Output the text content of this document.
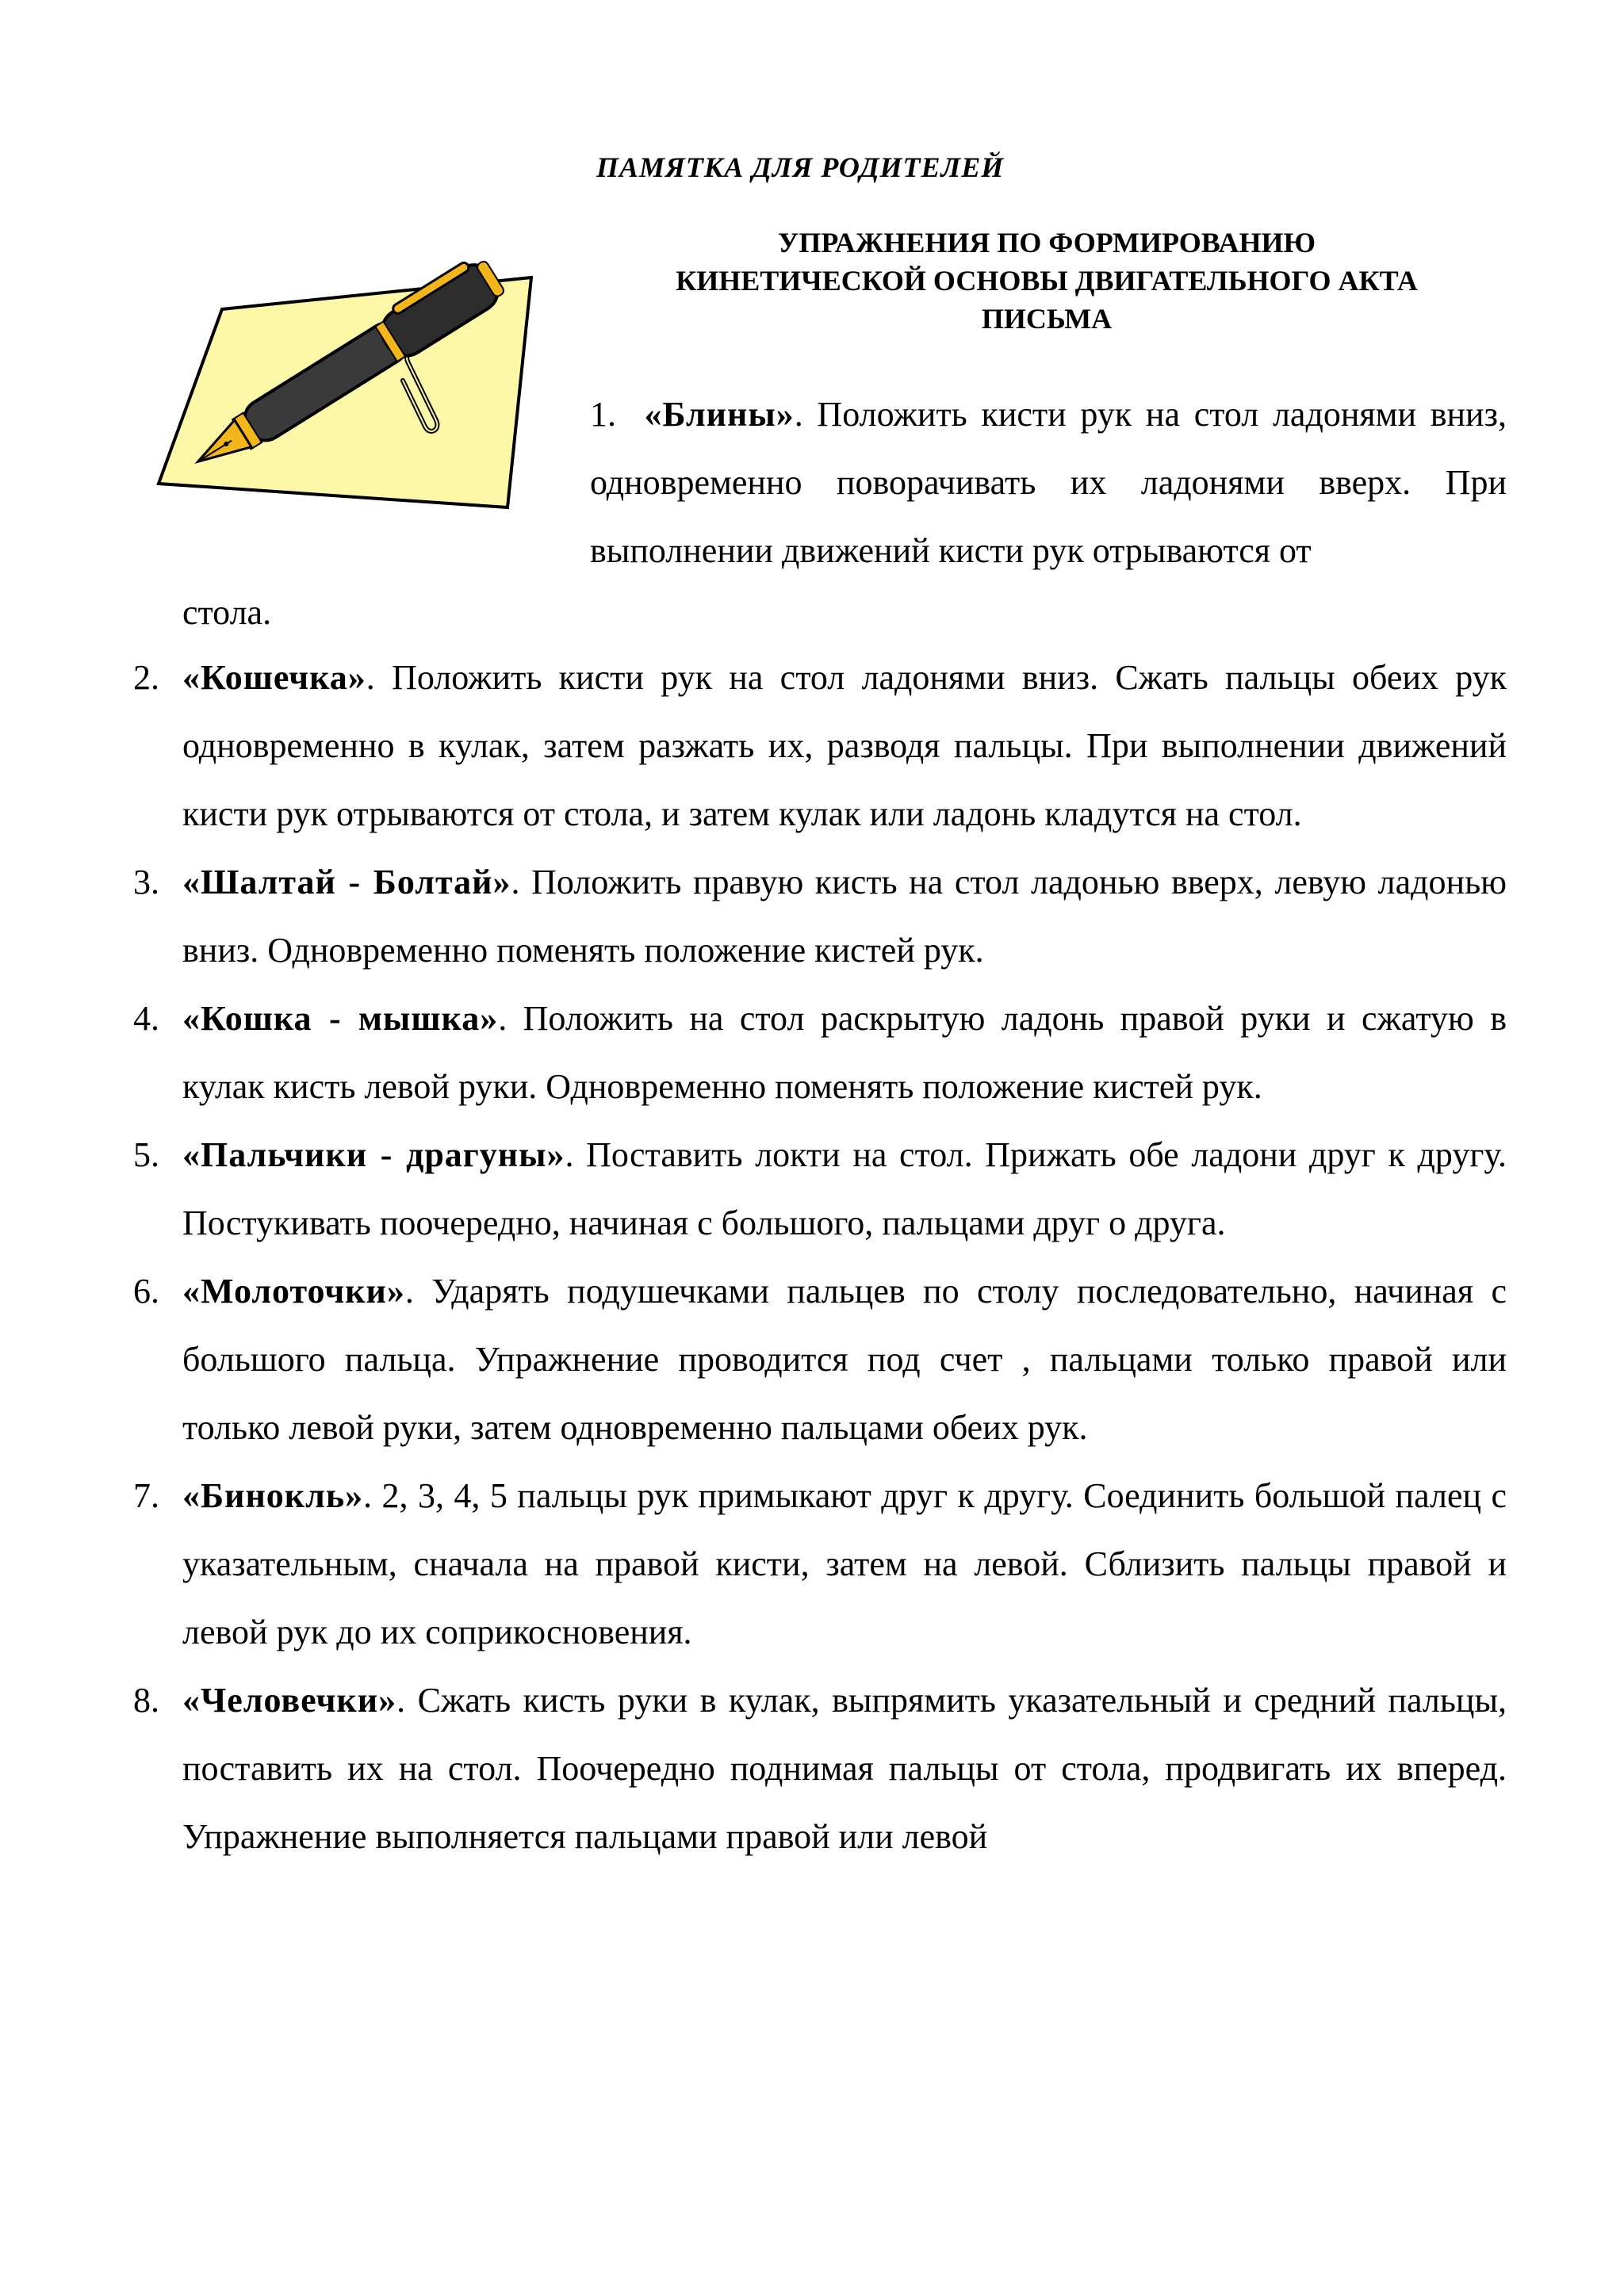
ПАМЯТКА ДЛЯ РОДИТЕЛЕЙ
УПРАЖНЕНИЯ ПО ФОРМИРОВАНИЮ
КИНЕТИЧЕСКОЙ ОСНОВЫ ДВИГАТЕЛЬНОГО АКТА
ПИСЬМА
1. «Блины». Положить кисти рук на стол ладонями вниз, одновременно поворачивать их ладонями вверх. При выполнении движений кисти рук отрываются от
стола.
2. «Кошечка». Положить кисти рук на стол ладонями вниз. Сжать пальцы обеих рук одновременно в кулак, затем разжать их, разводя пальцы. При выполнении движений кисти рук отрываются от стола, и затем кулак или ладонь кладутся на стол.
3. «Шалтай - Болтай». Положить правую кисть на стол ладонью вверх, левую ладонью вниз. Одновременно поменять положение кистей рук.
4. «Кошка - мышка». Положить на стол раскрытую ладонь правой руки и сжатую в кулак кисть левой руки. Одновременно поменять положение кистей рук.
5. «Пальчики - драгуны». Поставить локти на стол. Прижать обе ладони друг к другу. Постукивать поочередно, начиная с большого, пальцами друг о друга.
6. «Молоточки». Ударять подушечками пальцев по столу последовательно, начиная с большого пальца. Упражнение проводится под счет , пальцами только правой или только левой руки, затем одновременно пальцами обеих рук.
7. «Бинокль». 2, 3, 4, 5 пальцы рук примыкают друг к другу. Соединить большой палец с указательным, сначала на правой кисти, затем на левой. Сблизить пальцы правой и левой рук до их соприкосновения.
8. «Человечки». Сжать кисть руки в кулак, выпрямить указательный и средний пальцы, поставить их на стол. Поочередно поднимая пальцы от стола, продвигать их вперед. Упражнение выполняется пальцами правой или левой
